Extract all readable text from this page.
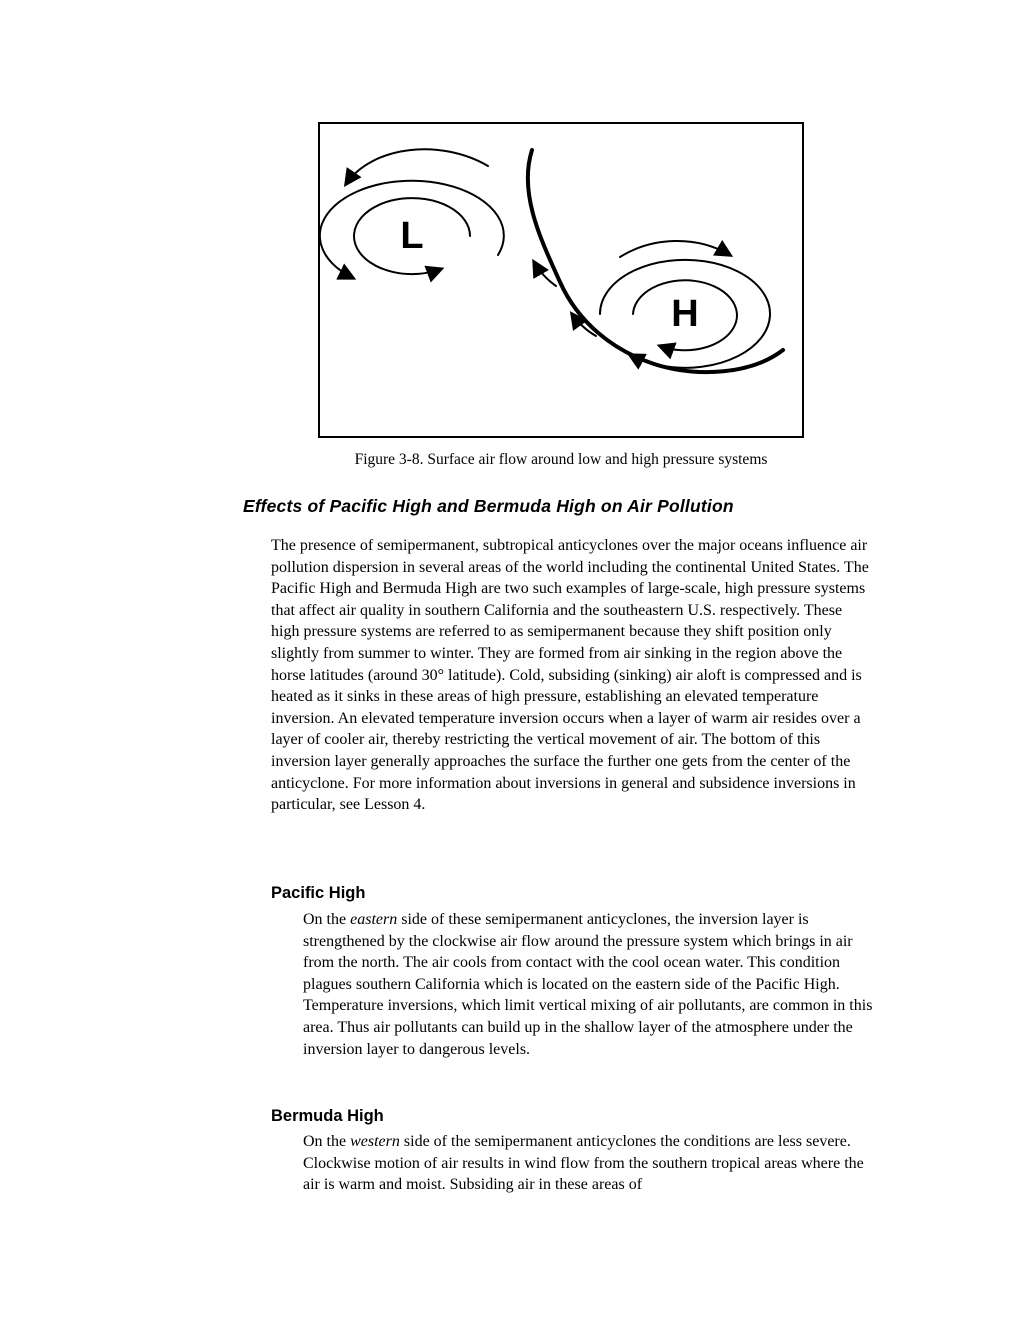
L
H
Figure 3-8. Surface air flow around low and high pressure systems
Effects of Pacific High and Bermuda High on Air Pollution

The presence of semipermanent, subtropical anticyclones over the major oceans influence air pollution dispersion in several areas of the world including the continental United States. The Pacific High and Bermuda High are two such examples of large-scale, high pressure systems that affect air quality in southern California and the southeastern U.S. respectively. These high pressure systems are referred to as semipermanent because they shift position only slightly from summer to winter. They are formed from air sinking in the region above the horse latitudes (around 30° latitude). Cold, subsiding (sinking) air aloft is compressed and is heated as it sinks in these areas of high pressure, establishing an elevated temperature inversion. An elevated temperature inversion occurs when a layer of warm air resides over a layer of cooler air, thereby restricting the vertical movement of air. The bottom of this inversion layer generally approaches the surface the further one gets from the center of the anticyclone. For more information about inversions in general and subsidence inversions in particular, see Lesson 4.

Pacific High

On the eastern side of these semipermanent anticyclones, the inversion layer is strengthened by the clockwise air flow around the pressure system which brings in air from the north. The air cools from contact with the cool ocean water. This condition plagues southern California which is located on the eastern side of the Pacific High. Temperature inversions, which limit vertical mixing of air pollutants, are common in this area. Thus air pollutants can build up in the shallow layer of the atmosphere under the inversion layer to dangerous levels.

Bermuda High

On the western side of the semipermanent anticyclones the conditions are less severe. Clockwise motion of air results in wind flow from the southern tropical areas where the air is warm and moist. Subsiding air in these areas of
